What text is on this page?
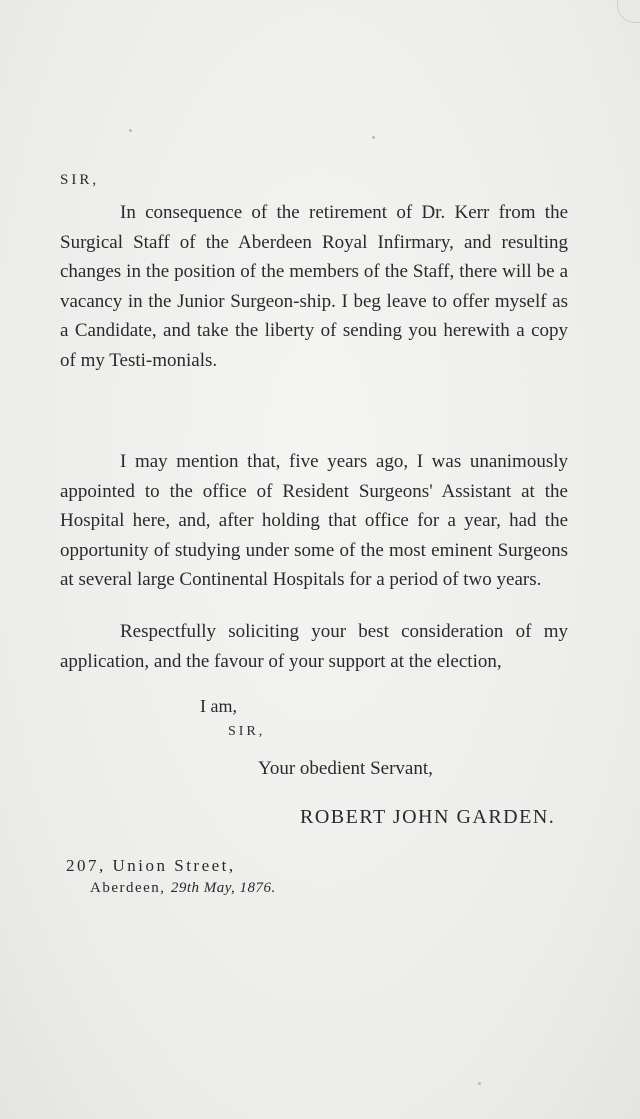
SIR,
In consequence of the retirement of Dr. Kerr from the Surgical Staff of the Aberdeen Royal Infirmary, and resulting changes in the position of the members of the Staff, there will be a vacancy in the Junior Surgeon-ship. I beg leave to offer myself as a Candidate, and take the liberty of sending you herewith a copy of my Testi-monials.
I may mention that, five years ago, I was unanimously appointed to the office of Resident Surgeons' Assistant at the Hospital here, and, after holding that office for a year, had the opportunity of studying under some of the most eminent Surgeons at several large Continental Hospitals for a period of two years.
Respectfully soliciting your best consideration of my application, and the favour of your support at the election,
I am,
SIR,
Your obedient Servant,
ROBERT JOHN GARDEN.
207, Union Street,
Aberdeen, 29th May, 1876.
